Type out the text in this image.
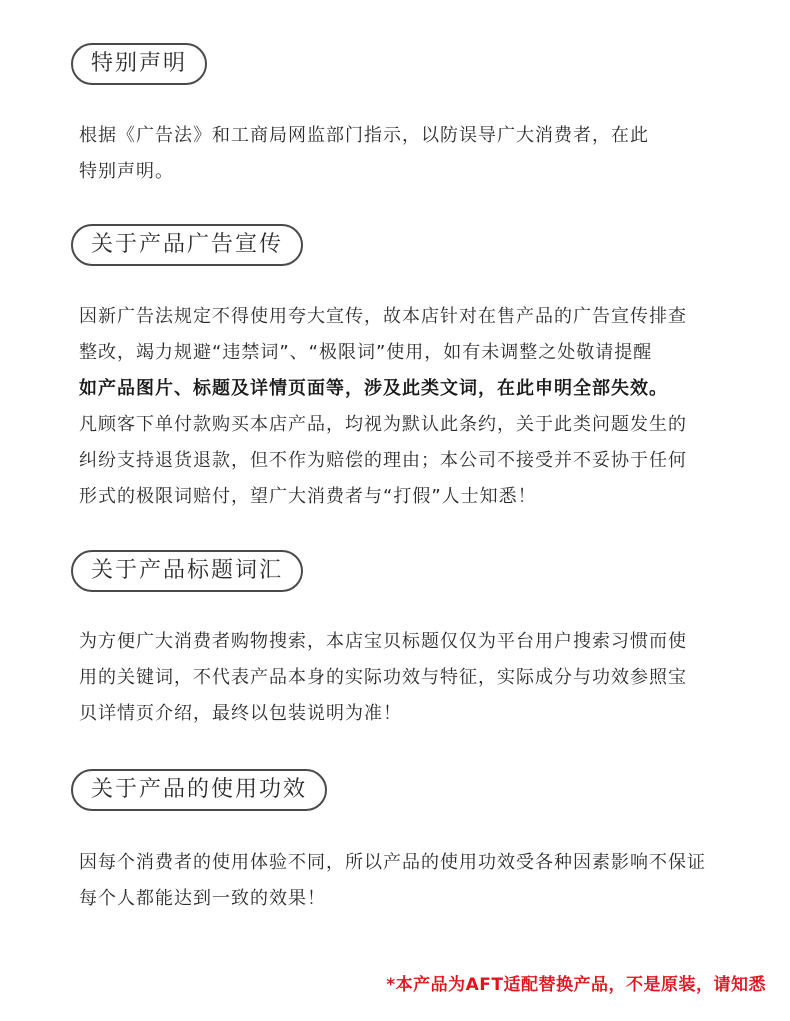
特别声明

根据《广告法》和工商局网监部门指示，以防误导广大消费者，在此
特别声明。

关于产品广告宣传

因新广告法规定不得使用夸大宣传，故本店针对在售产品的广告宣传排查
整改，竭力规避“违禁词”、“极限词”使用，如有未调整之处敬请提醒
如产品图片、标题及详情页面等，涉及此类文词，在此申明全部失效。
凡顾客下单付款购买本店产品，均视为默认此条约，关于此类问题发生的
纠纷支持退货退款，但不作为赔偿的理由；本公司不接受并不妥协于任何
形式的极限词赔付，望广大消费者与“打假”人士知悉！

关于产品标题词汇

为方便广大消费者购物搜索，本店宝贝标题仅仅为平台用户搜索习惯而使
用的关键词，不代表产品本身的实际功效与特征，实际成分与功效参照宝
贝详情页介绍，最终以包装说明为准！

关于产品的使用功效

因每个消费者的使用体验不同，所以产品的使用功效受各种因素影响不保证
每个人都能达到一致的效果！

*本产品为AFT适配替换产品，不是原装，请知悉
